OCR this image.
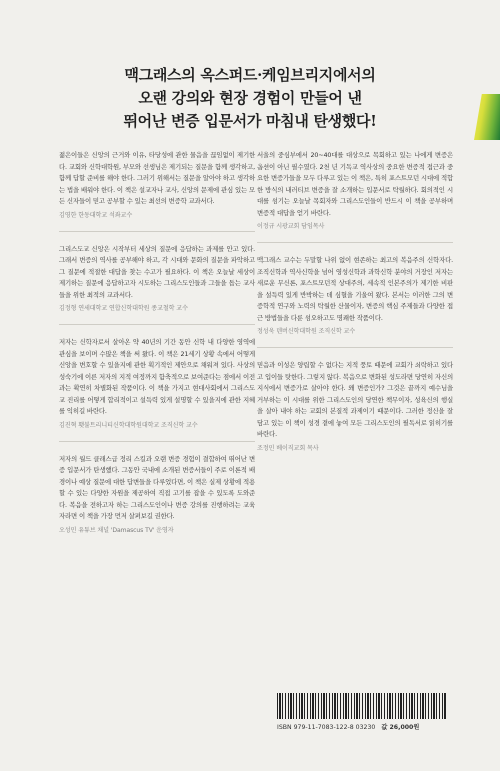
맥그래스의 옥스퍼드·케임브리지에서의
오랜 강의와 현장 경험이 만들어 낸
뛰어난 변증 입문서가 마침내 탄생했다!

젊은이들은 신앙의 근거와 이유, 타당성에 관한 물음을 끊임없이 제기한다. 교회와 신학대학원, 부모와 선생님은 제기되는 질문을 함께 생각하고, 함께 답할 준비를 해야 한다. 그러기 위해서는 질문을 알아야 하고 생각하는 법을 배워야 한다. 이 책은 설교자나 교사, 신앙의 문제에 관심 있는 모든 신자들이 믿고 공부할 수 있는 최선의 변증학 교과서다.

김영한 한동대학교 석좌교수

그리스도교 신앙은 시작부터 세상의 질문에 응답하는 과제를 안고 있다. 그래서 변증의 역사를 공부해야 하고, 각 시대와 문화의 질문을 파악하고 그 질문에 적절한 대답을 찾는 수고가 필요하다. 이 책은 오늘날 세상이 제기하는 질문에 응답하고자 시도하는 그리스도인들과 그들을 돕는 교사들을 위한 최적의 교과서다.

김정형 연세대학교 연합신학대학원 종교철학 교수

저자는 신학자로서 살아온 약 40년의 기간 동안 신학 내 다양한 영역에 관심을 보이며 수많은 책을 써 왔다. 이 책은 21세기 상황 속에서 어떻게 신앙을 변호할 수 있을지에 관한 획기적인 제안으로 채워져 있다. 사상의 성숙기에 이른 저자의 지적 여정까지 함축적으로 보여준다는 점에서 이전과는 확연히 차별화된 작품이다. 이 책을 가지고 현대사회에서 그리스도교 진리를 어떻게 합리적이고 설득력 있게 설명할 수 있을지에 관한 지혜를 익히길 바란다.

김진혁 횃불트리니티신학대학원대학교 조직신학 교수

저자의 월드 클래스급 정리 스킬과 오랜 변증 경험이 결합하여 뛰어난 변증 입문서가 탄생했다. 그동안 국내에 소개된 변증서들이 주로 이론적 배경이나 예상 질문에 대한 답변들을 다루었다면, 이 책은 실제 상황에 적용할 수 있는 다양한 자원을 제공하여 직접 고기를 잡을 수 있도록 도와준다. 복음을 전하고자 하는 그리스도인이나 변증 강의를 진행하려는 교육자라면 이 책을 가장 먼저 살펴보길 권한다.

오성민 유튜브 채널 'Damascus TV' 운영자

서울의 중심부에서 20~40대를 대상으로 목회하고 있는 나에게 변증은 옵션이 아닌 필수였다. 2천 년 기독교 역사상의 중요한 변증적 접근과 중요한 변증가들을 모두 다루고 있는 이 책은, 특히 포스트모던 시대에 적합한 방식의 내러티브 변증을 잘 소개하는 입문서로 탁월하다. 회의적인 시대를 섬기는 오늘날 목회자와 그리스도인들이 반드시 이 책을 공부하며 변증적 대답을 얻기 바란다.

이정규 시광교회 담임목사

맥그래스 교수는 두말할 나위 없이 현존하는 최고의 복음주의 신학자다. 조직신학과 역사신학을 넘어 영성신학과 과학신학 분야의 거장인 저자는 새로운 무신론, 포스트모던적 상대주의, 세속적 인본주의가 제기한 비판을 설득력 있게 반박하는 데 심혈을 기울여 왔다. 본서는 이러한 그의 변증학적 연구와 노력의 탁월한 산물이자, 변증의 핵심 주제들과 다양한 접근 방법들을 다룬 섬오하고도 명쾌한 작품이다.

정성욱 덴버신학대학원 조직신학 교수

믿음과 이성은 양립할 수 없다는 지적 풍토 때문에 교회가 쇠락하고 있다고 입이들 탓한다. 그렇지 않다. 복음으로 변화된 성도라면 당연히 자신의 지식에서 변증가로 살아야 한다. 왜 변증인가? 그것은 끝까지 예수님을 거부하는 이 시대를 위한 그리스도인의 당연한 책무이자, 성육신의 행실을 살아 내야 하는 교회의 본질적 과제이기 때문이다. 그러한 정신을 잘 담고 있는 이 책이 성경 곁에 놓여 모든 그리스도인의 필독서로 읽히기를 바란다.

조정민 베이직교회 목사
ISBN 979-11-7083-122-8 03230 값 26,000원
